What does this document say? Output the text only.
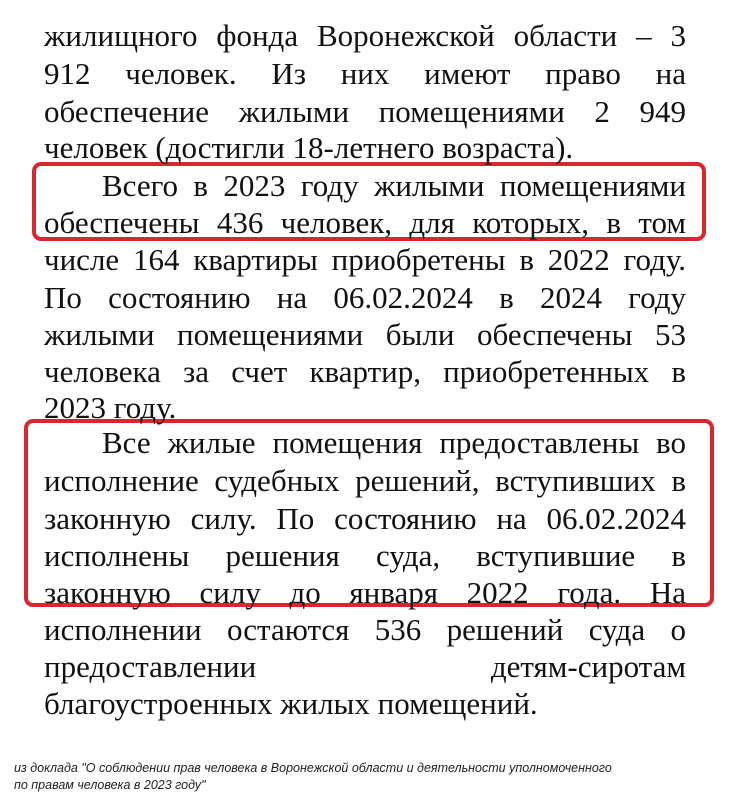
жилищного фонда Воронежской области – 3
912 человек. Из них имеют право на
обеспечение жилыми помещениями 2 949
человек (достигли 18-летнего возраста).
Всего в 2023 году жилыми помещениями
обеспечены 436 человек, для которых, в том
числе 164 квартиры приобретены в 2022 году.
По состоянию на 06.02.2024 в 2024 году
жилыми помещениями были обеспечены 53
человека за счет квартир, приобретенных в
2023 году.
Все жилые помещения предоставлены во
исполнение судебных решений, вступивших в
законную силу. По состоянию на 06.02.2024
исполнены решения суда, вступившие в
законную силу до января 2022 года. На
исполнении остаются 536 решений суда о
предоставлении детям-сиротам
благоустроенных жилых помещений.
из доклада "О соблюдении прав человека в Воронежской области и деятельности уполномоченного
по правам человека в 2023 году"
